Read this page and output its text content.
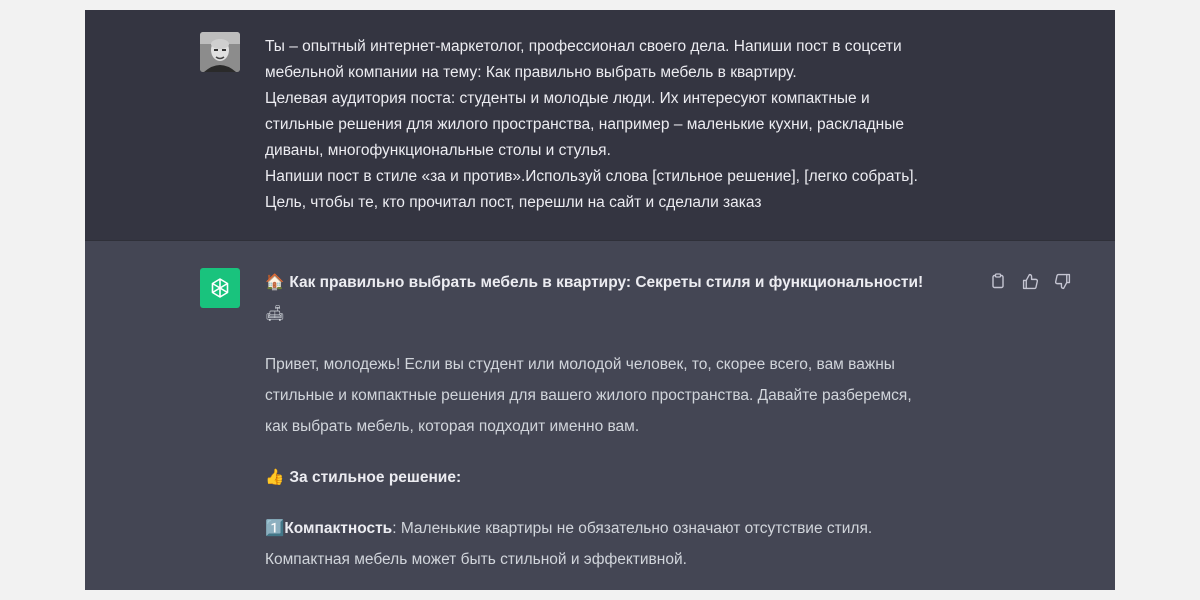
Ты – опытный интернет-маркетолог, профессионал своего дела. Напиши пост в соцсети
мебельной компании на тему: Как правильно выбрать мебель в квартиру.
Целевая аудитория поста: студенты и молодые люди. Их интересуют компактные и
стильные решения для жилого пространства, например – маленькие кухни, раскладные
диваны, многофункциональные столы и стулья.
Напиши пост в стиле «за и против».Используй слова [стильное решение], [легко собрать].
Цель, чтобы те, кто прочитал пост, перешли на сайт и сделали заказ
🏠 Как правильно выбрать мебель в квартиру: Секреты стиля и функциональности!
🛋

Привет, молодежь! Если вы студент или молодой человек, то, скорее всего, вам важны
стильные и компактные решения для вашего жилого пространства. Давайте разберемся,
как выбрать мебель, которая подходит именно вам.

👍 За стильное решение:

1️⃣Компактность: Маленькие квартиры не обязательно означают отсутствие стиля.
Компактная мебель может быть стильной и эффективной.
